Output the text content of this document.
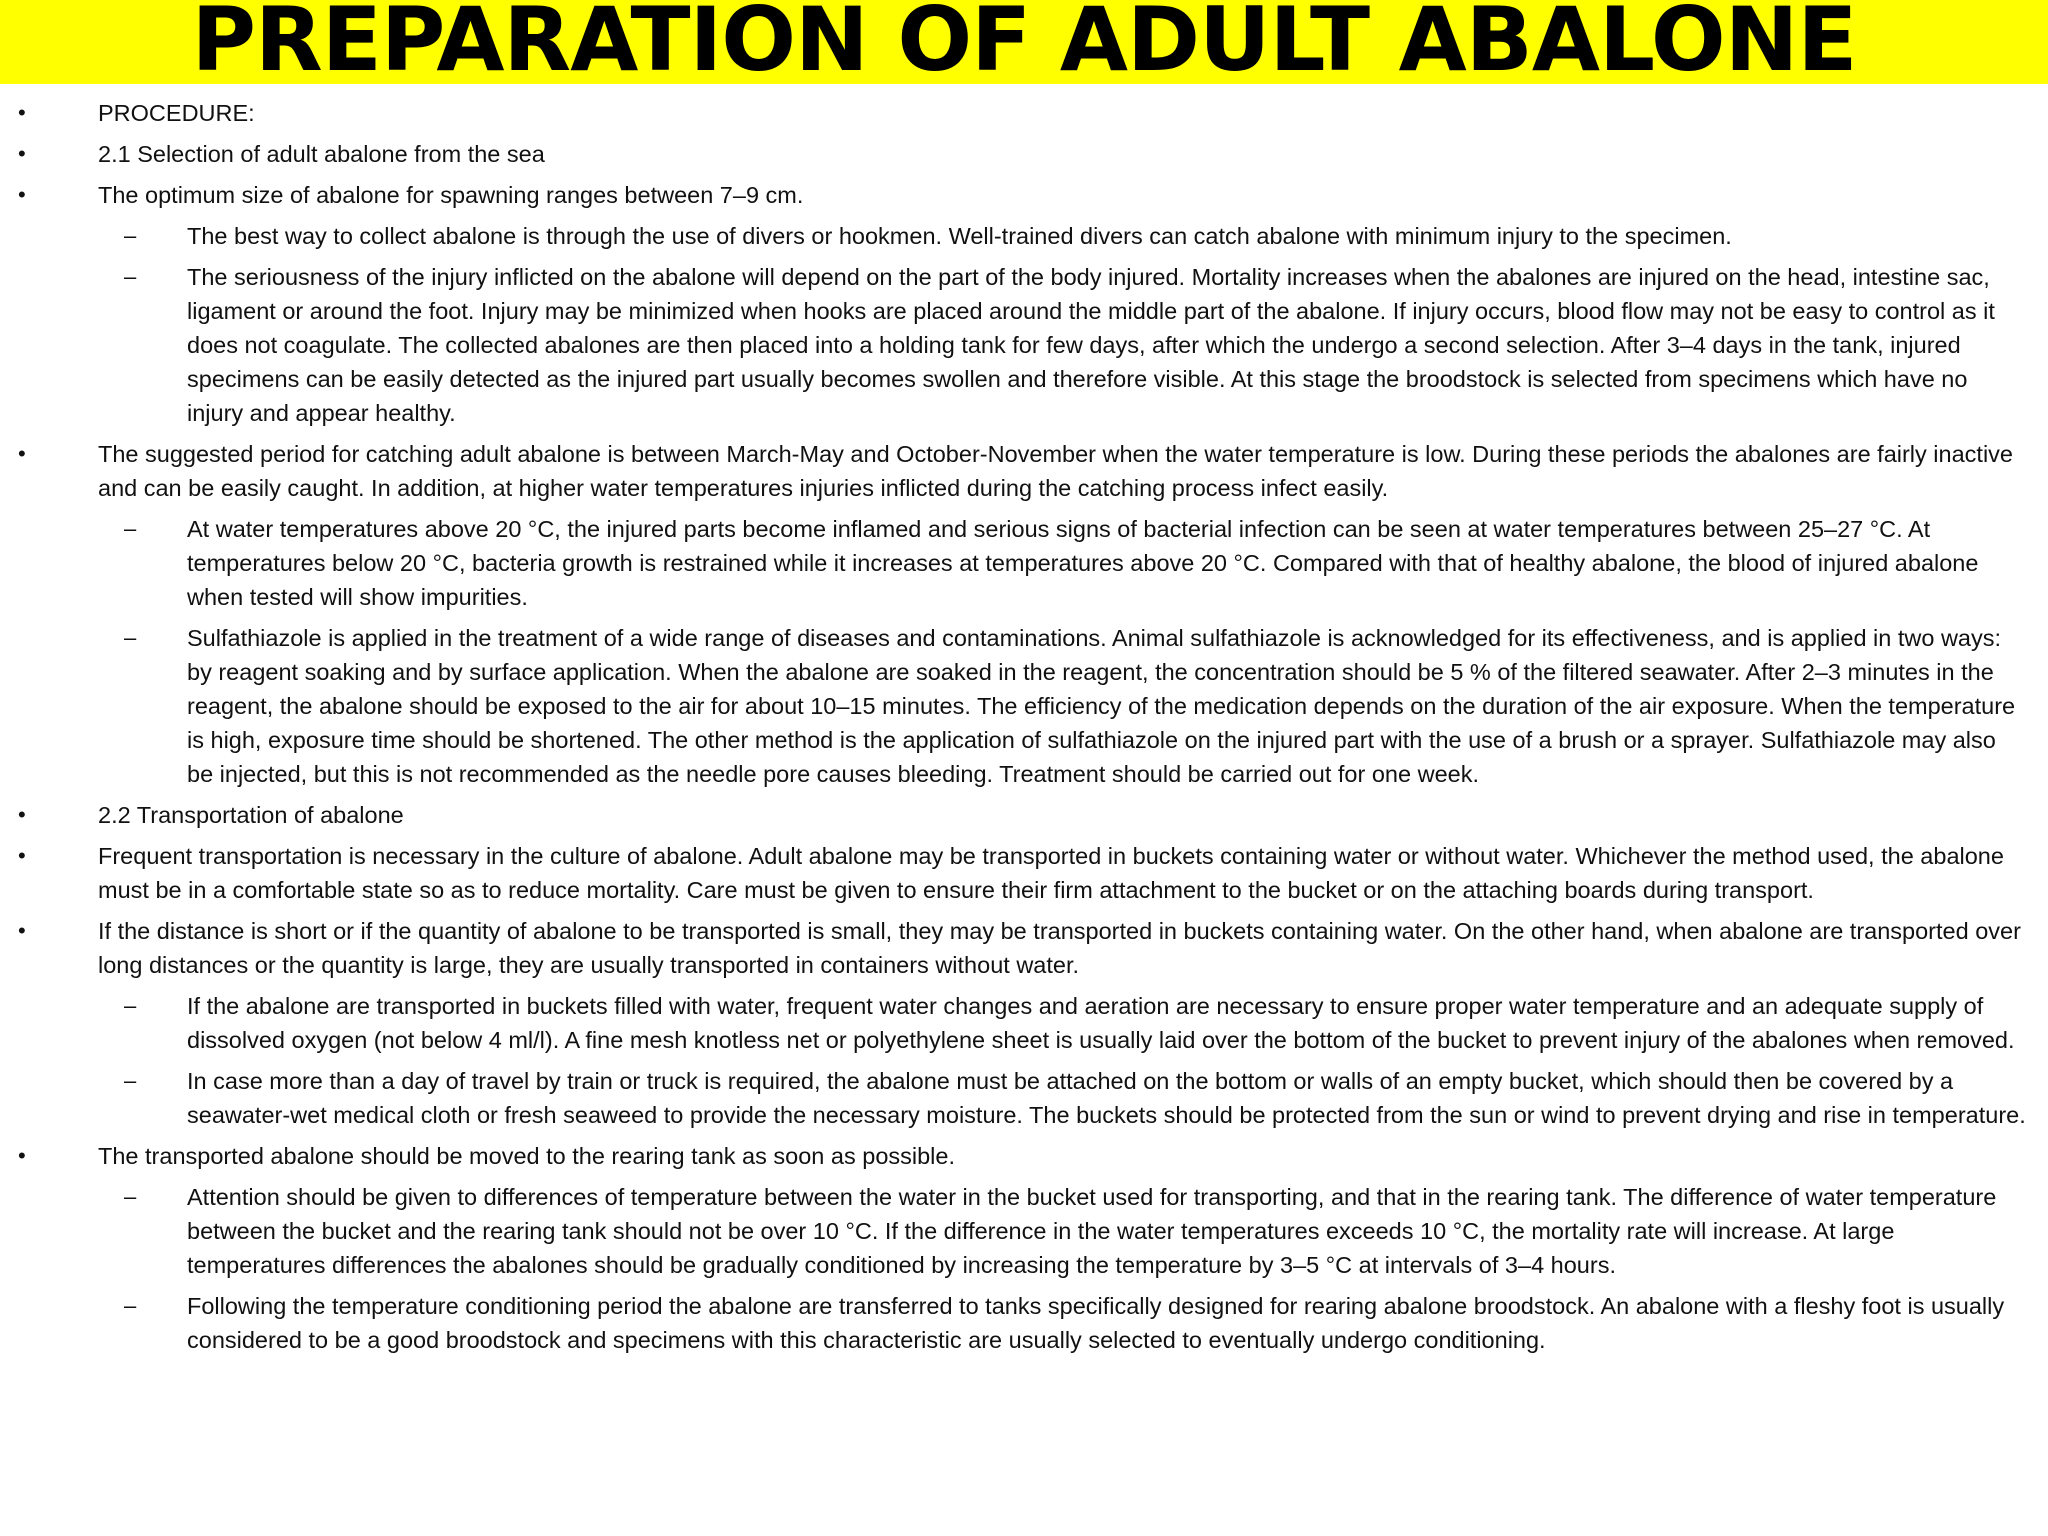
PREPARATION OF ADULT ABALONE
•	PROCEDURE:
•	2.1 Selection of adult abalone from the sea
•	The optimum size of abalone for spawning ranges between 7–9 cm.
– The best way to collect abalone is through the use of divers or hookmen. Well-trained divers can catch abalone with minimum injury to the specimen.
– The seriousness of the injury inflicted on the abalone will depend on the part of the body injured. Mortality increases when the abalones are injured on the head, intestine sac, ligament or around the foot. Injury may be minimized when hooks are placed around the middle part of the abalone. If injury occurs, blood flow may not be easy to control as it does not coagulate. The collected abalones are then placed into a holding tank for few days, after which the undergo a second selection. After 3–4 days in the tank, injured specimens can be easily detected as the injured part usually becomes swollen and therefore visible. At this stage the broodstock is selected from specimens which have no injury and appear healthy.
•	The suggested period for catching adult abalone is between March-May and October-November when the water temperature is low. During these periods the abalones are fairly inactive and can be easily caught. In addition, at higher water temperatures injuries inflicted during the catching process infect easily.
– At water temperatures above 20 °C, the injured parts become inflamed and serious signs of bacterial infection can be seen at water temperatures between 25–27 °C. At temperatures below 20 °C, bacteria growth is restrained while it increases at temperatures above 20 °C. Compared with that of healthy abalone, the blood of injured abalone when tested will show impurities.
– Sulfathiazole is applied in the treatment of a wide range of diseases and contaminations. Animal sulfathiazole is acknowledged for its effectiveness, and is applied in two ways: by reagent soaking and by surface application. When the abalone are soaked in the reagent, the concentration should be 5 % of the filtered seawater. After 2–3 minutes in the reagent, the abalone should be exposed to the air for about 10–15 minutes. The efficiency of the medication depends on the duration of the air exposure. When the temperature is high, exposure time should be shortened. The other method is the application of sulfathiazole on the injured part with the use of a brush or a sprayer. Sulfathiazole may also be injected, but this is not recommended as the needle pore causes bleeding. Treatment should be carried out for one week.
•	2.2 Transportation of abalone
•	Frequent transportation is necessary in the culture of abalone. Adult abalone may be transported in buckets containing water or without water. Whichever the method used, the abalone must be in a comfortable state so as to reduce mortality. Care must be given to ensure their firm attachment to the bucket or on the attaching boards during transport.
•	If the distance is short or if the quantity of abalone to be transported is small, they may be transported in buckets containing water. On the other hand, when abalone are transported over long distances or the quantity is large, they are usually transported in containers without water.
– If the abalone are transported in buckets filled with water, frequent water changes and aeration are necessary to ensure proper water temperature and an adequate supply of dissolved oxygen (not below 4 ml/l). A fine mesh knotless net or polyethylene sheet is usually laid over the bottom of the bucket to prevent injury of the abalones when removed.
– In case more than a day of travel by train or truck is required, the abalone must be attached on the bottom or walls of an empty bucket, which should then be covered by a seawater-wet medical cloth or fresh seaweed to provide the necessary moisture. The buckets should be protected from the sun or wind to prevent drying and rise in temperature.
•	The transported abalone should be moved to the rearing tank as soon as possible.
– Attention should be given to differences of temperature between the water in the bucket used for transporting, and that in the rearing tank. The difference of water temperature between the bucket and the rearing tank should not be over 10 °C. If the difference in the water temperatures exceeds 10 °C, the mortality rate will increase. At large temperatures differences the abalones should be gradually conditioned by increasing the temperature by 3–5 °C at intervals of 3–4 hours.
– Following the temperature conditioning period the abalone are transferred to tanks specifically designed for rearing abalone broodstock. An abalone with a fleshy foot is usually considered to be a good broodstock and specimens with this characteristic are usually selected to eventually undergo conditioning.
